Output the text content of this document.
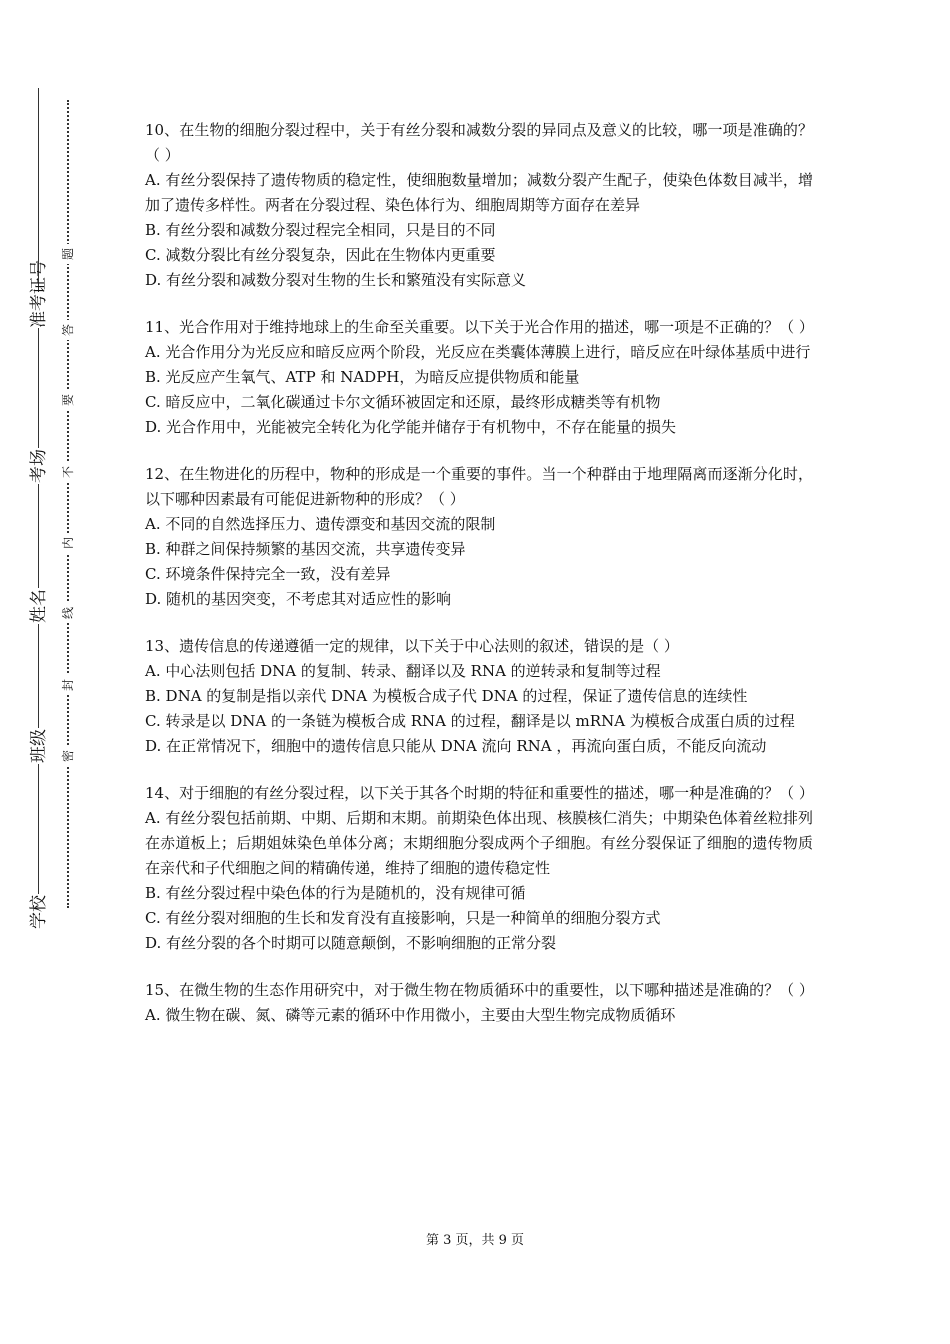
准考证号
考场
姓名
班级
学校
题
答
要
不
内
线
封
密

10、在生物的细胞分裂过程中，关于有丝分裂和减数分裂的异同点及意义的比较，哪一项是准确的？（ ）

A. 有丝分裂保持了遗传物质的稳定性，使细胞数量增加；减数分裂产生配子，使染色体数目减半，增加了遗传多样性。两者在分裂过程、染色体行为、细胞周期等方面存在差异

B. 有丝分裂和减数分裂过程完全相同，只是目的不同

C. 减数分裂比有丝分裂复杂，因此在生物体内更重要

D. 有丝分裂和减数分裂对生物的生长和繁殖没有实际意义

11、光合作用对于维持地球上的生命至关重要。以下关于光合作用的描述，哪一项是不正确的？（ ）

A. 光合作用分为光反应和暗反应两个阶段，光反应在类囊体薄膜上进行，暗反应在叶绿体基质中进行

B. 光反应产生氧气、ATP 和 NADPH，为暗反应提供物质和能量

C. 暗反应中，二氧化碳通过卡尔文循环被固定和还原，最终形成糖类等有机物

D. 光合作用中，光能被完全转化为化学能并储存于有机物中，不存在能量的损失

12、在生物进化的历程中，物种的形成是一个重要的事件。当一个种群由于地理隔离而逐渐分化时，以下哪种因素最有可能促进新物种的形成？（ ）

A. 不同的自然选择压力、遗传漂变和基因交流的限制

B. 种群之间保持频繁的基因交流，共享遗传变异

C. 环境条件保持完全一致，没有差异

D. 随机的基因突变，不考虑其对适应性的影响

13、遗传信息的传递遵循一定的规律，以下关于中心法则的叙述，错误的是（ ）

A. 中心法则包括 DNA 的复制、转录、翻译以及 RNA 的逆转录和复制等过程

B. DNA 的复制是指以亲代 DNA 为模板合成子代 DNA 的过程，保证了遗传信息的连续性

C. 转录是以 DNA 的一条链为模板合成 RNA 的过程，翻译是以 mRNA 为模板合成蛋白质的过程

D. 在正常情况下，细胞中的遗传信息只能从 DNA 流向 RNA ，再流向蛋白质，不能反向流动

14、对于细胞的有丝分裂过程，以下关于其各个时期的特征和重要性的描述，哪一种是准确的？（ ）

A. 有丝分裂包括前期、中期、后期和末期。前期染色体出现、核膜核仁消失；中期染色体着丝粒排列在赤道板上；后期姐妹染色单体分离；末期细胞分裂成两个子细胞。有丝分裂保证了细胞的遗传物质在亲代和子代细胞之间的精确传递，维持了细胞的遗传稳定性

B. 有丝分裂过程中染色体的行为是随机的，没有规律可循

C. 有丝分裂对细胞的生长和发育没有直接影响，只是一种简单的细胞分裂方式

D. 有丝分裂的各个时期可以随意颠倒，不影响细胞的正常分裂

15、在微生物的生态作用研究中，对于微生物在物质循环中的重要性，以下哪种描述是准确的？（ ）

A. 微生物在碳、氮、磷等元素的循环中作用微小，主要由大型生物完成物质循环

第 3 页，共 9 页
